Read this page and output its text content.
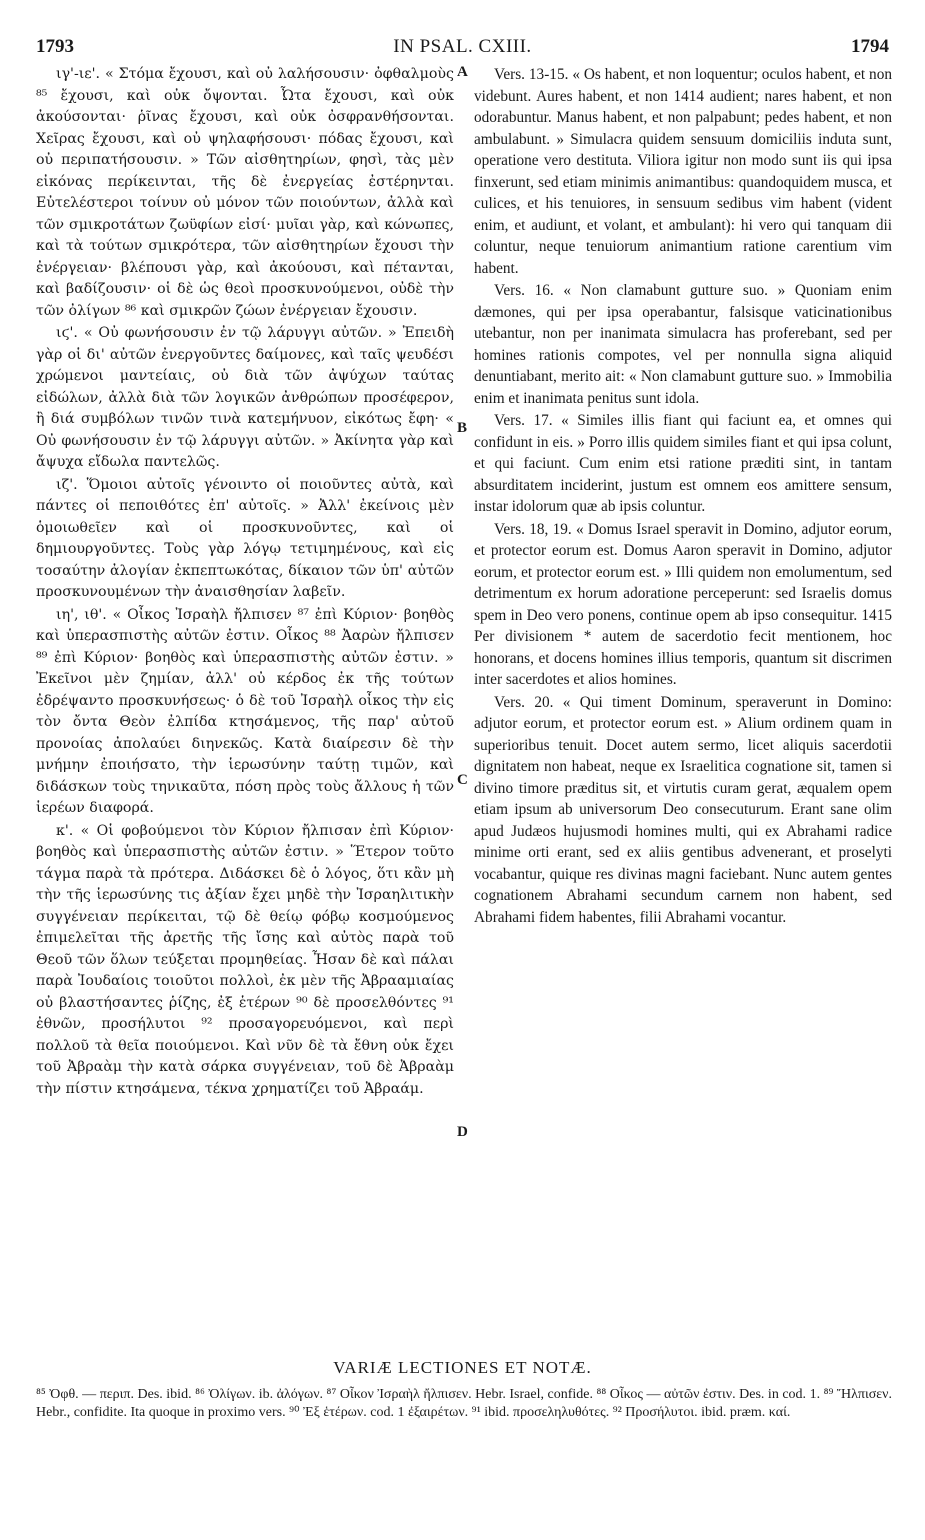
1793	IN PSAL. CXIII.	1794

ιγ'-ιε'. « Στόμα ἔχουσι, καὶ οὐ λαλήσουσιν· ὀφθαλμοὺς ⁸⁵ ἔχουσι, καὶ οὐκ ὄψονται. Ὦτα ἔχουσι, καὶ οὐκ ἀκούσονται· ῥῖνας ἔχουσι, καὶ οὐκ ὀσφρανθήσονται. Χεῖρας ἔχουσι, καὶ οὐ ψηλαφήσουσι· πόδας ἔχουσι, καὶ οὐ περιπατήσουσιν. » Τῶν αἰσθητηρίων, φησὶ, τὰς μὲν εἰκόνας περίκεινται, τῆς δὲ ἐνεργείας ἐστέρηνται. Εὐτελέστεροι τοίνυν οὐ μόνον τῶν ποιούντων, ἀλλὰ καὶ τῶν σμικροτάτων ζωϋφίων εἰσί· μυῖαι γὰρ, καὶ κώνωπες, καὶ τὰ τούτων σμικρότερα, τῶν αἰσθητηρίων ἔχουσι τὴν ἐνέργειαν· βλέπουσι γὰρ, καὶ ἀκούουσι, καὶ πέτανται, καὶ βαδίζουσιν· οἱ δὲ ὡς θεοὶ προσκυνούμενοι, οὐδὲ τὴν τῶν ὀλίγων ⁸⁶ καὶ σμικρῶν ζώων ἐνέργειαν ἔχουσιν.

ιϛ'. « Οὐ φωνήσουσιν ἐν τῷ λάρυγγι αὐτῶν. » Ἐπειδὴ γὰρ οἱ δι' αὐτῶν ἐνεργοῦντες δαίμονες, καὶ ταῖς ψευδέσι χρώμενοι μαντείαις, οὐ διὰ τῶν ἀψύχων ταύτας εἰδώλων, ἀλλὰ διὰ τῶν λογικῶν ἀνθρώπων προσέφερον, ἢ διά συμβόλων τινῶν τινὰ κατεμήνυον, εἰκότως ἔφη· « Οὐ φωνήσουσιν ἐν τῷ λάρυγγι αὐτῶν. » Ἀκίνητα γὰρ καὶ ἄψυχα εἴδωλα παντελῶς.

ιζ'. Ὅμοιοι αὐτοῖς γένοιντο οἱ ποιοῦντες αὐτὰ, καὶ πάντες οἱ πεποιθότες ἐπ' αὐτοῖς. » Ἀλλ' ἐκείνοις μὲν ὁμοιωθεῖεν καὶ οἱ προσκυνοῦντες, καὶ οἱ δημιουργοῦντες. Τοὺς γὰρ λόγῳ τετιμημένους, καὶ εἰς τοσαύτην ἀλογίαν ἐκπεπτωκότας, δίκαιον τῶν ὑπ' αὐτῶν προσκυνουμένων τὴν ἀναισθησίαν λαβεῖν.

ιη', ιθ'. « Οἶκος Ἰσραὴλ ἤλπισεν ⁸⁷ ἐπὶ Κύριον· βοηθὸς καὶ ὑπερασπιστὴς αὐτῶν ἐστιν. Οἶκος ⁸⁸ Ἀαρὼν ἤλπισεν ⁸⁹ ἐπὶ Κύριον· βοηθὸς καὶ ὑπερασπιστὴς αὐτῶν ἐστιν. » Ἐκεῖνοι μὲν ζημίαν, ἀλλ' οὐ κέρδος ἐκ τῆς τούτων ἐδρέψαντο προσκυνήσεως· ὁ δὲ τοῦ Ἰσραὴλ οἶκος τὴν εἰς τὸν ὄντα Θεὸν ἐλπίδα κτησάμενος, τῆς παρ' αὐτοῦ προνοίας ἀπολαύει διηνεκῶς. Κατὰ διαίρεσιν δὲ τὴν μνήμην ἐποιήσατο, τὴν ἱερωσύνην ταύτῃ τιμῶν, καὶ διδάσκων τοὺς τηνικαῦτα, πόση πρὸς τοὺς ἄλλους ἡ τῶν ἱερέων διαφορά.

κ'. « Οἱ φοβούμενοι τὸν Κύριον ἤλπισαν ἐπὶ Κύριον· βοηθὸς καὶ ὑπερασπιστὴς αὐτῶν ἐστιν. » Ἕτερον τοῦτο τάγμα παρὰ τὰ πρότερα. Διδάσκει δὲ ὁ λόγος, ὅτι κἂν μὴ τὴν τῆς ἱερωσύνης τις ἀξίαν ἔχει μηδὲ τὴν Ἰσραηλιτικὴν συγγένειαν περίκειται, τῷ δὲ θείῳ φόβῳ κοσμούμενος ἐπιμελεῖται τῆς ἀρετῆς τῆς ἴσης καὶ αὐτὸς παρὰ τοῦ Θεοῦ τῶν ὅλων τεύξεται προμηθείας. Ἦσαν δὲ καὶ πάλαι παρὰ Ἰουδαίοις τοιοῦτοι πολλοὶ, ἐκ μὲν τῆς Ἀβρααμιαίας οὐ βλαστήσαντες ῥίζης, ἐξ ἑτέρων ⁹⁰ δὲ προσελθόντες ⁹¹ ἐθνῶν, προσήλυτοι ⁹² προσαγορευόμενοι, καὶ περὶ πολλοῦ τὰ θεῖα ποιούμενοι. Καὶ νῦν δὲ τὰ ἔθνη οὐκ ἔχει τοῦ Ἀβραὰμ τὴν κατὰ σάρκα συγγένειαν, τοῦ δὲ Ἀβραὰμ τὴν πίστιν κτησάμενα, τέκνα χρηματίζει τοῦ Ἀβραάμ.

A
B
C
D

Vers. 13-15. « Os habent, et non loquentur; oculos habent, et non videbunt. Aures habent, et non 1414 audient; nares habent, et non odorabuntur. Manus habent, et non palpabunt; pedes habent, et non ambulabunt. » Simulacra quidem sensuum domiciliis induta sunt, operatione vero destituta. Viliora igitur non modo sunt iis qui ipsa finxerunt, sed etiam minimis animantibus: quandoquidem musca, et culices, et his tenuiores, in sensuum sedibus vim habent (vident enim, et audiunt, et volant, et ambulant): hi vero qui tanquam dii coluntur, neque tenuiorum animantium ratione carentium vim habent.

Vers. 16. « Non clamabunt gutture suo. » Quoniam enim dæmones, qui per ipsa operabantur, falsisque vaticinationibus utebantur, non per inanimata simulacra has proferebant, sed per homines rationis compotes, vel per nonnulla signa aliquid denuntiabant, merito ait: « Non clamabunt gutture suo. » Immobilia enim et inanimata penitus sunt idola.

Vers. 17. « Similes illis fiant qui faciunt ea, et omnes qui confidunt in eis. » Porro illis quidem similes fiant et qui ipsa colunt, et qui faciunt. Cum enim etsi ratione præditi sint, in tantam absurditatem inciderint, justum est omnem eos amittere sensum, instar idolorum quæ ab ipsis coluntur.

Vers. 18, 19. « Domus Israel speravit in Domino, adjutor eorum, et protector eorum est. Domus Aaron speravit in Domino, adjutor eorum, et protector eorum est. » Illi quidem non emolumentum, sed detrimentum ex horum adoratione perceperunt: sed Israelis domus spem in Deo vero ponens, continue opem ab ipso consequitur. 1415 Per divisionem * autem de sacerdotio fecit mentionem, hoc honorans, et docens homines illius temporis, quantum sit discrimen inter sacerdotes et alios homines.

Vers. 20. « Qui timent Dominum, speraverunt in Domino: adjutor eorum, et protector eorum est. » Alium ordinem quam in superioribus tenuit. Docet autem sermo, licet aliquis sacerdotii dignitatem non habeat, neque ex Israelitica cognatione sit, tamen si divino timore præditus sit, et virtutis curam gerat, æqualem opem etiam ipsum ab universorum Deo consecuturum. Erant sane olim apud Judæos hujusmodi homines multi, qui ex Abrahami radice minime orti erant, sed ex aliis gentibus advenerant, et proselyti vocabantur, quique res divinas magni faciebant. Nunc autem gentes cognationem Abrahami secundum carnem non habent, sed Abrahami fidem habentes, filii Abrahami vocantur.

VARIÆ LECTIONES ET NOTÆ.
⁸⁵ Ὀφθ. — περιπ. Des. ibid. ⁸⁶ Ὀλίγων. ib. ἀλόγων. ⁸⁷ Οἶκον Ἰσραὴλ ἤλπισεν. Hebr. Israel, confide. ⁸⁸ Οἶκος — αὐτῶν ἐστιν. Des. in cod. 1. ⁸⁹ Ἤλπισεν. Hebr., confidite. Ita quoque in proximo vers. ⁹⁰ Ἐξ ἑτέρων. cod. 1 ἐξαιρέτων. ⁹¹ ibid. προσεληλυθότες. ⁹² Προσήλυτοι. ibid. præm. καί.
